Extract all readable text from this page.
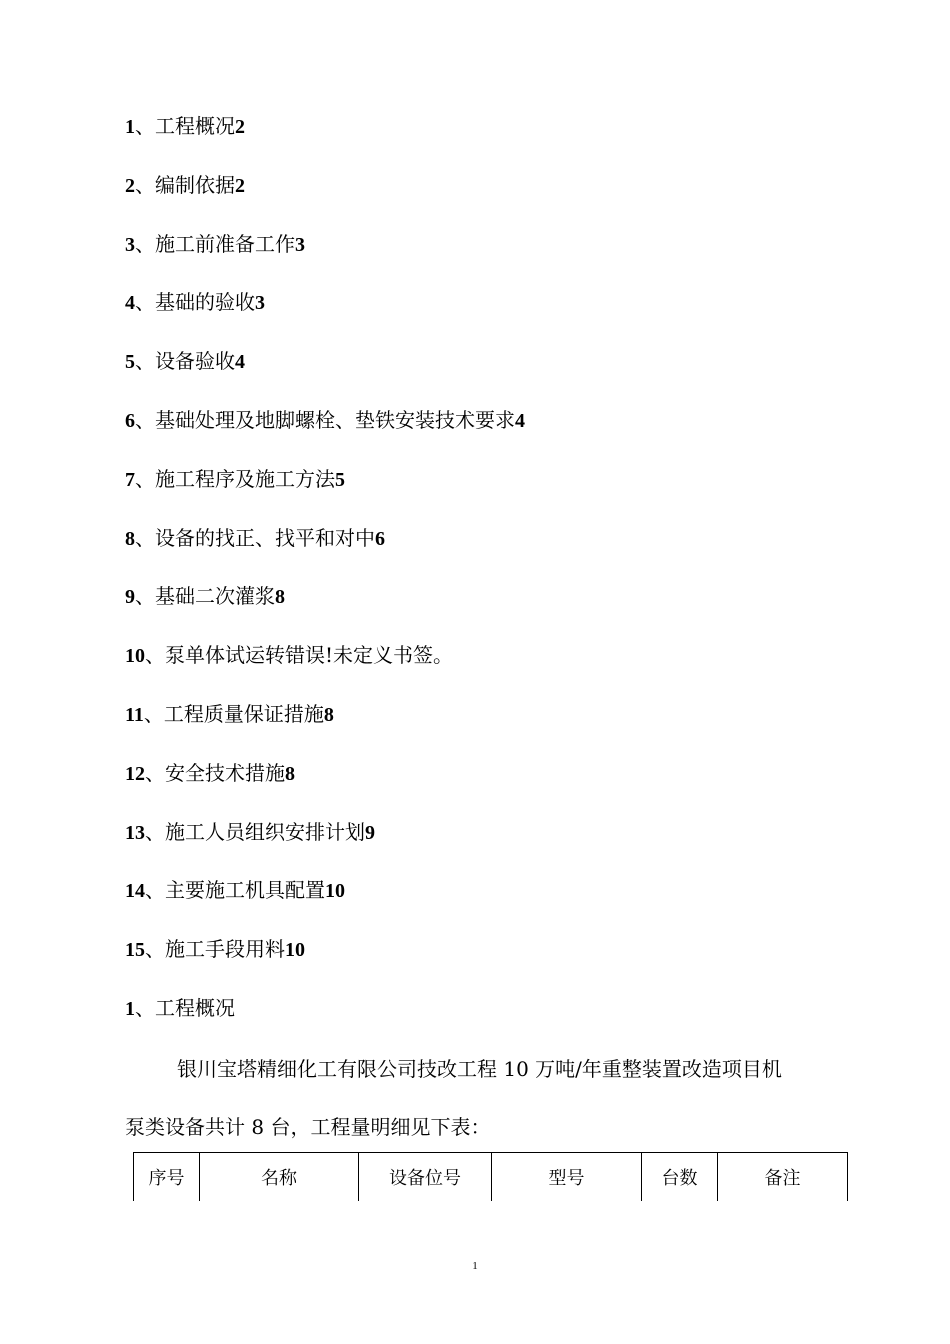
1、工程概况2
2、编制依据2
3、施工前准备工作3
4、基础的验收3
5、设备验收4
6、基础处理及地脚螺栓、垫铁安装技术要求4
7、施工程序及施工方法5
8、设备的找正、找平和对中6
9、基础二次灌浆8
10、泵单体试运转错误!未定义书签。
11、工程质量保证措施8
12、安全技术措施8
13、施工人员组织安排计划9
14、主要施工机具配置10
15、施工手段用料10
1、工程概况
银川宝塔精细化工有限公司技改工程 10 万吨/年重整装置改造项目机
泵类设备共计 8 台，工程量明细见下表：
序号	名称	设备位号	型号	台数	备注
1
